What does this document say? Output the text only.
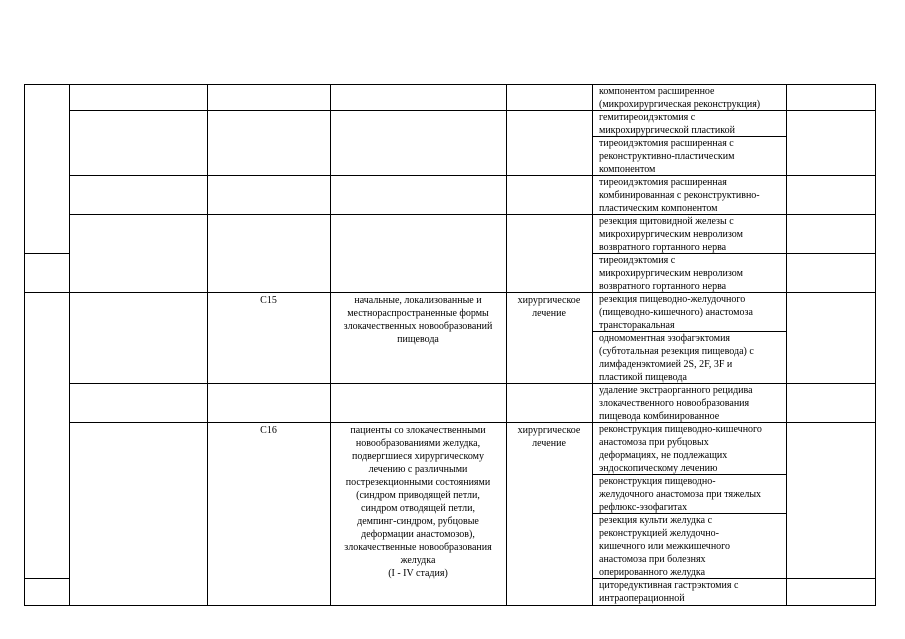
компонентом расширенное
(микрохирургическая реконструкция)

гемитиреоидэктомия с
микрохирургической пластикой

тиреоидэктомия расширенная с
реконструктивно-пластическим
компонентом

тиреоидэктомия расширенная
комбинированная с реконструктивно-
пластическим компонентом

резекция щитовидной железы с
микрохирургическим невролизом
возвратного гортанного нерва

тиреоидэктомия с
микрохирургическим невролизом
возвратного гортанного нерва

C15	начальные, локализованные и
местнораспространенные формы
злокачественных новообразований
пищевода

хирургическое
лечение

резекция пищеводно-желудочного
(пищеводно-кишечного) анастомоза
трансторакальная

одномоментная эзофагэктомия
(субтотальная резекция пищевода) с
лимфаденэктомией 2S, 2F, 3F и
пластикой пищевода

удаление экстраорганного рецидива
злокачественного новообразования
пищевода комбинированное

C16	пациенты со злокачественными
новообразованиями желудка,
подвергшиеся хирургическому
лечению с различными
пострезекционными состояниями
(синдром приводящей петли,
синдром отводящей петли,
демпинг-синдром, рубцовые
деформации анастомозов),
злокачественные новообразования
желудка
(I - IV стадия)

хирургическое
лечение

реконструкция пищеводно-кишечного
анастомоза при рубцовых
деформациях, не подлежащих
эндоскопическому лечению

реконструкция пищеводно-
желудочного анастомоза при тяжелых
рефлюкс-эзофагитах

резекция культи желудка с
реконструкцией желудочно-
кишечного или межкишечного
анастомоза при болезнях
оперированного желудка

циторедуктивная гастрэктомия с
интраоперационной
